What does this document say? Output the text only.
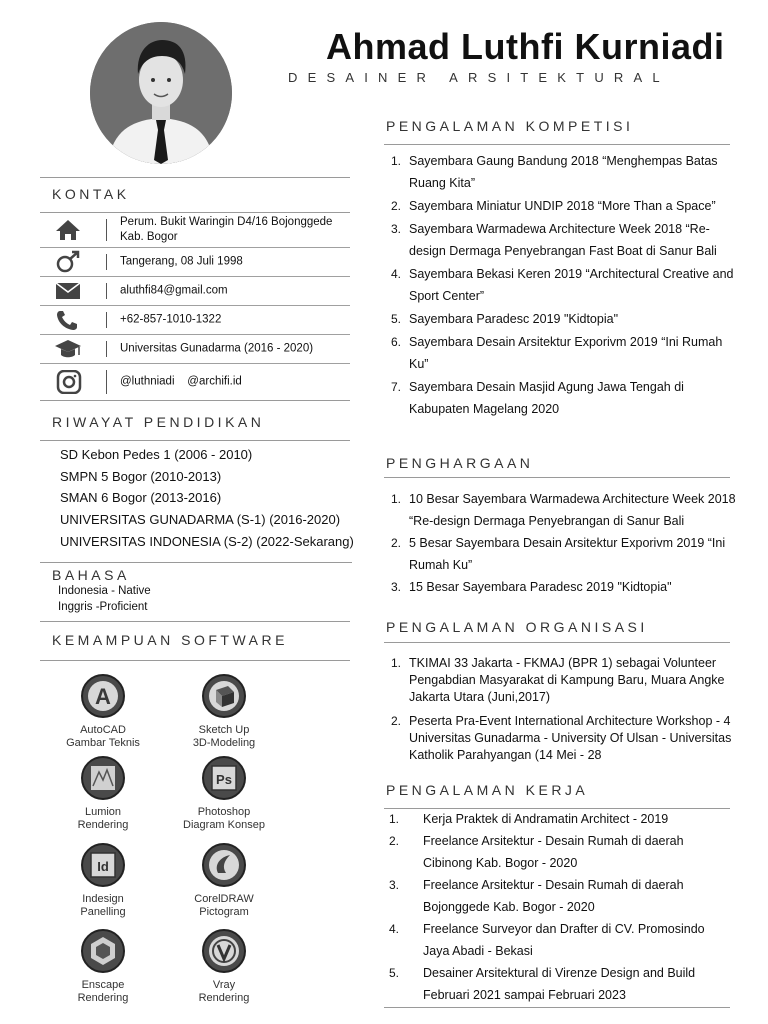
Ahmad Luthfi Kurniadi
DESAINER ARSITEKTURAL
KONTAK
Perum. Bukit Waringin D4/16 Bojonggede Kab. Bogor
Tangerang, 08 Juli 1998
aluthfi84@gmail.com
+62-857-1010-1322
Universitas Gunadarma (2016 - 2020)
@luthniadi    @archifi.id
RIWAYAT PENDIDIKAN
SD Kebon Pedes 1 (2006 - 2010)
SMPN 5 Bogor (2010-2013)
SMAN 6 Bogor (2013-2016)
UNIVERSITAS GUNADARMA (S-1) (2016-2020)
UNIVERSITAS INDONESIA (S-2) (2022-Sekarang)
BAHASA
Indonesia - Native
Inggris -Proficient
KEMAMPUAN SOFTWARE
A
AutoCAD
Gambar Teknis
Sketch Up
3D-Modeling
Lumion
Rendering
Ps
Photoshop
Diagram Konsep
Id
Indesign
Panelling
CorelDRAW
Pictogram
Enscape
Rendering
Vray
Rendering
PENGALAMAN KOMPETISI
1. Sayembara Gaung Bandung 2018 “Menghempas Batas Ruang Kita”
2. Sayembara Miniatur UNDIP 2018 “More Than a Space”
3. Sayembara Warmadewa Architecture Week 2018 “Re-design Dermaga Penyebrangan Fast Boat di Sanur Bali
4. Sayembara Bekasi Keren 2019 “Architectural Creative and Sport Center”
5. Sayembara Paradesc 2019 "Kidtopia"
6. Sayembara Desain Arsitektur Exporivm 2019 “Ini Rumah Ku”
7. Sayembara Desain Masjid Agung Jawa Tengah di Kabupaten Magelang 2020
PENGHARGAAN
1. 10 Besar Sayembara Warmadewa Architecture Week 2018 “Re-design Dermaga Penyebrangan di Sanur Bali
2. 5 Besar Sayembara Desain Arsitektur Exporivm 2019 “Ini Rumah Ku”
3. 15 Besar Sayembara Paradesc 2019 "Kidtopia"
PENGALAMAN ORGANISASI
1. TKIMAI 33 Jakarta - FKMAJ (BPR 1) sebagai Volunteer Pengabdian Masyarakat di Kampung Baru, Muara Angke Jakarta Utara (Juni,2017)
2. Peserta Pra-Event International Architecture Workshop - 4 Universitas Gunadarma - University Of Ulsan - Universitas Katholik Parahyangan (14 Mei - 28
PENGALAMAN KERJA
1. Kerja Praktek di Andramatin Architect - 2019
2. Freelance Arsitektur - Desain Rumah di daerah Cibinong Kab. Bogor - 2020
3. Freelance Arsitektur - Desain Rumah di daerah Bojonggede Kab. Bogor - 2020
4. Freelance Surveyor dan Drafter di CV. Promosindo Jaya Abadi - Bekasi
5. Desainer Arsitektural di Virenze Design and Build Februari 2021 sampai Februari 2023
